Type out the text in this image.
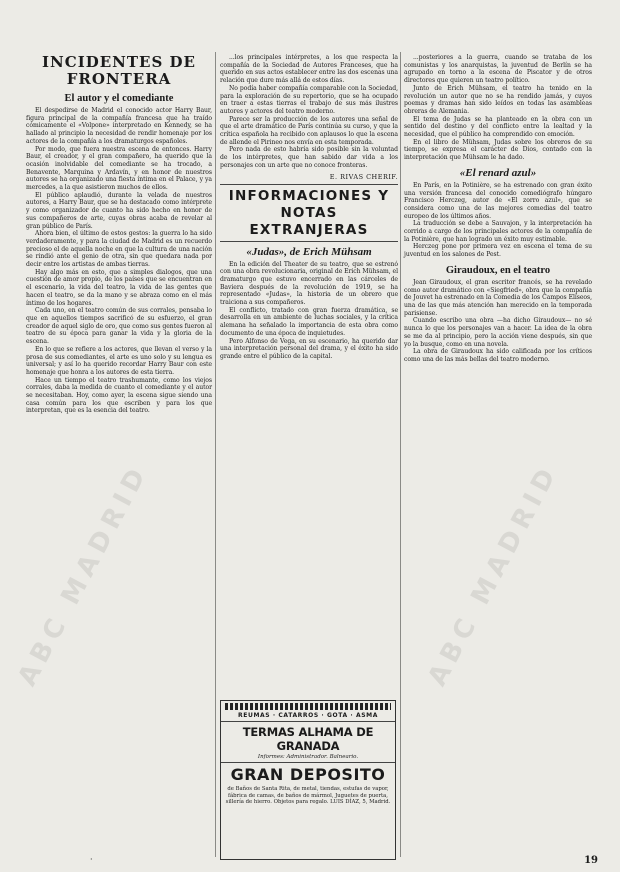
ABC MADRID	ABC MADRID
INCIDENTES DE FRONTERA
El autor y el comediante

El despedirse de Madrid el conocido actor Harry Baur, figura principal de la compañía francesa que ha traído cómicamente el «Volpone» interpretado en Kennedy, se ha hallado al principio la necesidad de rendir homenaje por los actores de la compañía a los dramaturgos españoles.

Por modo, que fuera nuestra escena de entonces. Harry Baur, el creador, y el gran compañero, ha querido que la ocasión inolvidable del comediante se ha trocado, a Benavente, Marquina y Ardavín, y en honor de nuestros autores se ha organizado una fiesta íntima en el Palace, y ya mercedes, a la que asistieron muchos de ellos.

El público aplaudió, durante la velada de nuestros autores, a Harry Baur, que se ha destacado como intérprete y como organizador de cuanto ha sido hecho en honor de sus compañeros de arte, cuyas obras acaba de revelar al gran público de París.

Ahora bien, el último de estos gestos: la guerra lo ha sido verdaderamente, y para la ciudad de Madrid es un recuerdo precioso el de aquella noche en que la cultura de una nación se rindió ante el genio de otra, sin que quedara nada por decir entre los artistas de ambas tierras.

Hay algo más en esto, que a simples dialogos, que una cuestión de amor propio, de los países que se encuentran en el escenario, la vida del teatro, la vida de las gentes que hacen el teatro, se da la mano y se abraza como en el más íntimo de los hogares.

Cada uno, en el teatro común de sus corrales, pensaba lo que en aquellos tiempos sacrificó de su esfuerzo, el gran creador de aquel siglo de oro, que como sus gentes fueron al teatro de su época para ganar la vida y la gloria de la escena.

En lo que se refiere a los actores, que llevan el verso y la prosa de sus comediantes, el arte es uno solo y su lengua es universal; y así lo ha querido recordar Harry Baur con este homenaje que honra a los autores de esta tierra.

Hace un tiempo el teatro trashumante, como los viejos corrales, daba la medida de cuanto el comediante y el autor se necesitaban. Hoy, como ayer, la escena sigue siendo una casa común para los que escriben y para los que interpretan, que es la esencia del teatro.

...los principales intérpretes, a los que respecta la compañía de la Sociedad de Autores Franceses, que ha querido en sus actos establecer entre las dos escenas una relación que dure más allá de estos días.

No podía haber compañía comparable con la Sociedad, para la exploración de su repertorio, que se ha ocupado en traer a estas tierras el trabajo de sus más ilustres autores y actores del teatro moderno.

Parece ser la producción de los autores una señal de que el arte dramático de París continúa su curso, y que la crítica española ha recibido con aplausos lo que la escena de allende el Pirineo nos envía en esta temporada.

Pero nada de esto habría sido posible sin la voluntad de los intérpretes, que han sabido dar vida a los personajes con un arte que no conoce fronteras.

E. RIVAS CHERIF.

INFORMACIONES Y NOTAS EXTRANJERAS
«Judas», de Erich Mühsam

En la edición del Theater de su teatro, que se estrenó con una obra revolucionaria, original de Erich Mühsam, el dramaturgo que estuvo encerrado en las cárceles de Baviera después de la revolución de 1919, se ha representado «Judas», la historia de un obrero que traiciona a sus compañeros.

El conflicto, tratado con gran fuerza dramática, se desarrolla en un ambiente de luchas sociales, y la crítica alemana ha señalado la importancia de esta obra como documento de una época de inquietudes.

Pero Alfonso de Vega, en su escenario, ha querido dar una interpretación personal del drama, y el éxito ha sido grande entre el público de la capital.

REUMAS · CATARROS · GOTA · ASMA
TERMAS ALHAMA DE GRANADA
Informes: Administrador. Balneario.
GRAN DEPOSITO
de Baños de Santa Rita, de metal, tiendas, estufas de vapor, fábrica de camas, de baños de mármol, Juguetes de puerta, sillería de hierro. Objetos para regalo. LUIS DÍAZ, 5, Madrid.

...posteriores a la guerra, cuando se trataba de los comunistas y los anarquistas, la juventud de Berlín se ha agrupado en torno a la escena de Piscator y de otros directores que quieren un teatro político.

Junto de Erich Mühsam, el teatro ha tenido en la revolución un autor que no se ha rendido jamás, y cuyos poemas y dramas han sido leídos en todas las asambleas obreras de Alemania.

El tema de Judas se ha planteado en la obra con un sentido del destino y del conflicto entre la lealtad y la necesidad, que el público ha comprendido con emoción.

En el libro de Mühsam, Judas sobre los obreros de su tiempo, se expresa el carácter de Dios, contado con la interpretación que Mühsam le ha dado.

«El renard azul»

En París, en la Potinière, se ha estrenado con gran éxito una versión francesa del conocido comediógrafo húngaro Francisco Herczeg, autor de «El zorro azul», que se considera como una de las mejores comedias del teatro europeo de los últimos años.

La traducción se debe a Sauvajon, y la interpretación ha corrido a cargo de los principales actores de la compañía de la Potinière, que han logrado un éxito muy estimable.

Herczeg pone por primera vez en escena el tema de su juventud en los salones de Pest.

Giraudoux, en el teatro

Jean Giraudoux, el gran escritor francés, se ha revelado como autor dramático con «Siegfried», obra que la compañía de Jouvet ha estrenado en la Comedia de los Campos Elíseos, una de las que más atención han merecido en la temporada parisiense.

Cuando escribo una obra —ha dicho Giraudoux— no sé nunca lo que los personajes van a hacer. La idea de la obra se me da al principio, pero la acción viene después, sin que yo la busque, como en una novela.

La obra de Giraudoux ha sido calificada por los críticos como una de las más bellas del teatro moderno.

·	19
